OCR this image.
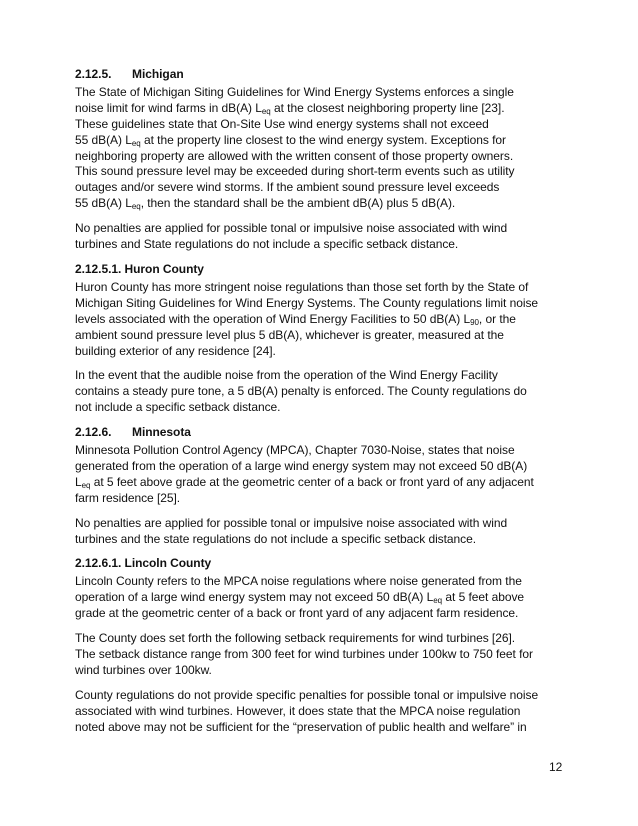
2.12.5. Michigan
The State of Michigan Siting Guidelines for Wind Energy Systems enforces a single
noise limit for wind farms in dB(A) $L_{eq}$ at the closest neighboring property line [23].
These guidelines state that On-Site Use wind energy systems shall not exceed
55 dB(A) $L_{eq}$ at the property line closest to the wind energy system. Exceptions for
neighboring property are allowed with the written consent of those property owners.
This sound pressure level may be exceeded during short-term events such as utility
outages and/or severe wind storms. If the ambient sound pressure level exceeds
55 dB(A) $L_{eq}$, then the standard shall be the ambient dB(A) plus 5 dB(A).
No penalties are applied for possible tonal or impulsive noise associated with wind
turbines and State regulations do not include a specific setback distance.
2.12.5.1. Huron County
Huron County has more stringent noise regulations than those set forth by the State of
Michigan Siting Guidelines for Wind Energy Systems. The County regulations limit noise
levels associated with the operation of Wind Energy Facilities to 50 dB(A) $L_{90}$, or the
ambient sound pressure level plus 5 dB(A), whichever is greater, measured at the
building exterior of any residence [24].
In the event that the audible noise from the operation of the Wind Energy Facility
contains a steady pure tone, a 5 dB(A) penalty is enforced. The County regulations do
not include a specific setback distance.
2.12.6. Minnesota
Minnesota Pollution Control Agency (MPCA), Chapter 7030-Noise, states that noise
generated from the operation of a large wind energy system may not exceed 50 dB(A)
$L_{eq}$ at 5 feet above grade at the geometric center of a back or front yard of any adjacent
farm residence [25].
No penalties are applied for possible tonal or impulsive noise associated with wind
turbines and the state regulations do not include a specific setback distance.
2.12.6.1. Lincoln County
Lincoln County refers to the MPCA noise regulations where noise generated from the
operation of a large wind energy system may not exceed 50 dB(A) $L_{eq}$ at 5 feet above
grade at the geometric center of a back or front yard of any adjacent farm residence.
The County does set forth the following setback requirements for wind turbines [26].
The setback distance range from 300 feet for wind turbines under 100kw to 750 feet for
wind turbines over 100kw.
County regulations do not provide specific penalties for possible tonal or impulsive noise
associated with wind turbines. However, it does state that the MPCA noise regulation
noted above may not be sufficient for the “preservation of public health and welfare” in
12
